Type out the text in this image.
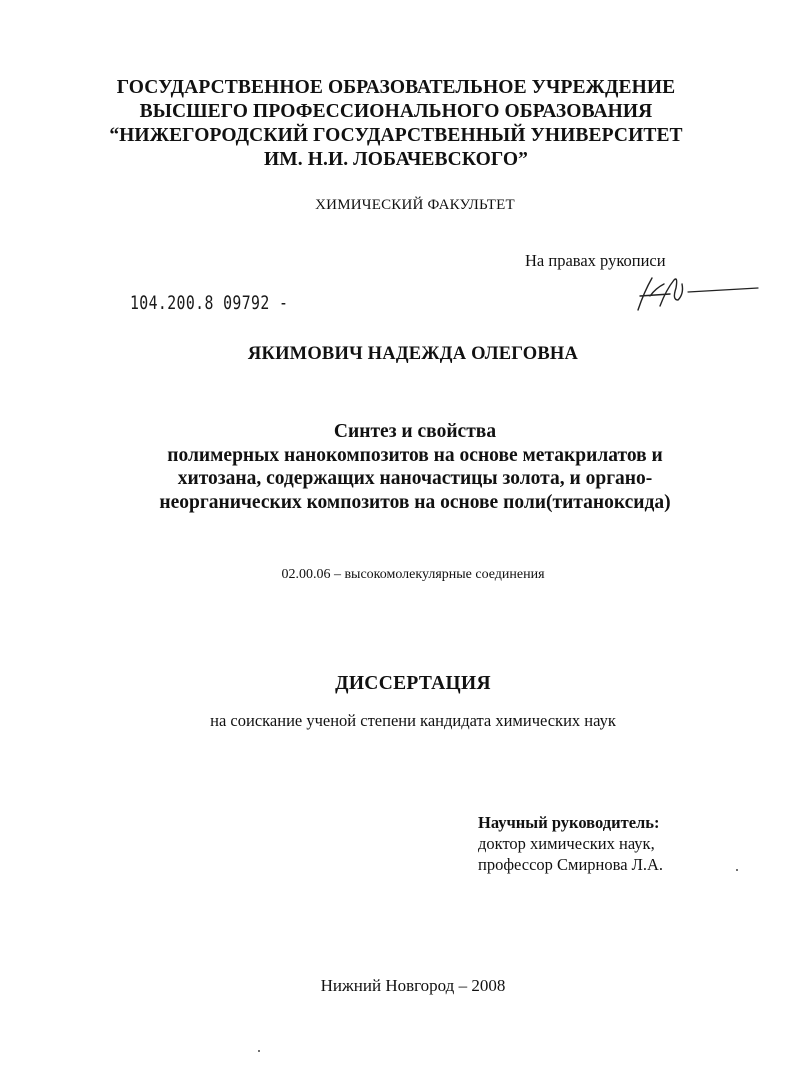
ГОСУДАРСТВЕННОЕ ОБРАЗОВАТЕЛЬНОЕ УЧРЕЖДЕНИЕ
ВЫСШЕГО ПРОФЕССИОНАЛЬНОГО ОБРАЗОВАНИЯ
“НИЖЕГОРОДСКИЙ ГОСУДАРСТВЕННЫЙ УНИВЕРСИТЕТ
ИМ. Н.И. ЛОБАЧЕВСКОГО”
ХИМИЧЕСКИЙ ФАКУЛЬТЕТ
На правах рукописи
104.200.8 09792 -
ЯКИМОВИЧ НАДЕЖДА ОЛЕГОВНА
Синтез и свойства
полимерных нанокомпозитов на основе метакрилатов и
хитозана, содержащих наночастицы золота, и органо-
неорганических композитов на основе поли(титаноксида)
02.00.06 – высокомолекулярные соединения
ДИССЕРТАЦИЯ
на соискание ученой степени кандидата химических наук
Научный руководитель:
доктор химических наук,
профессор Смирнова Л.А.
Нижний Новгород – 2008
